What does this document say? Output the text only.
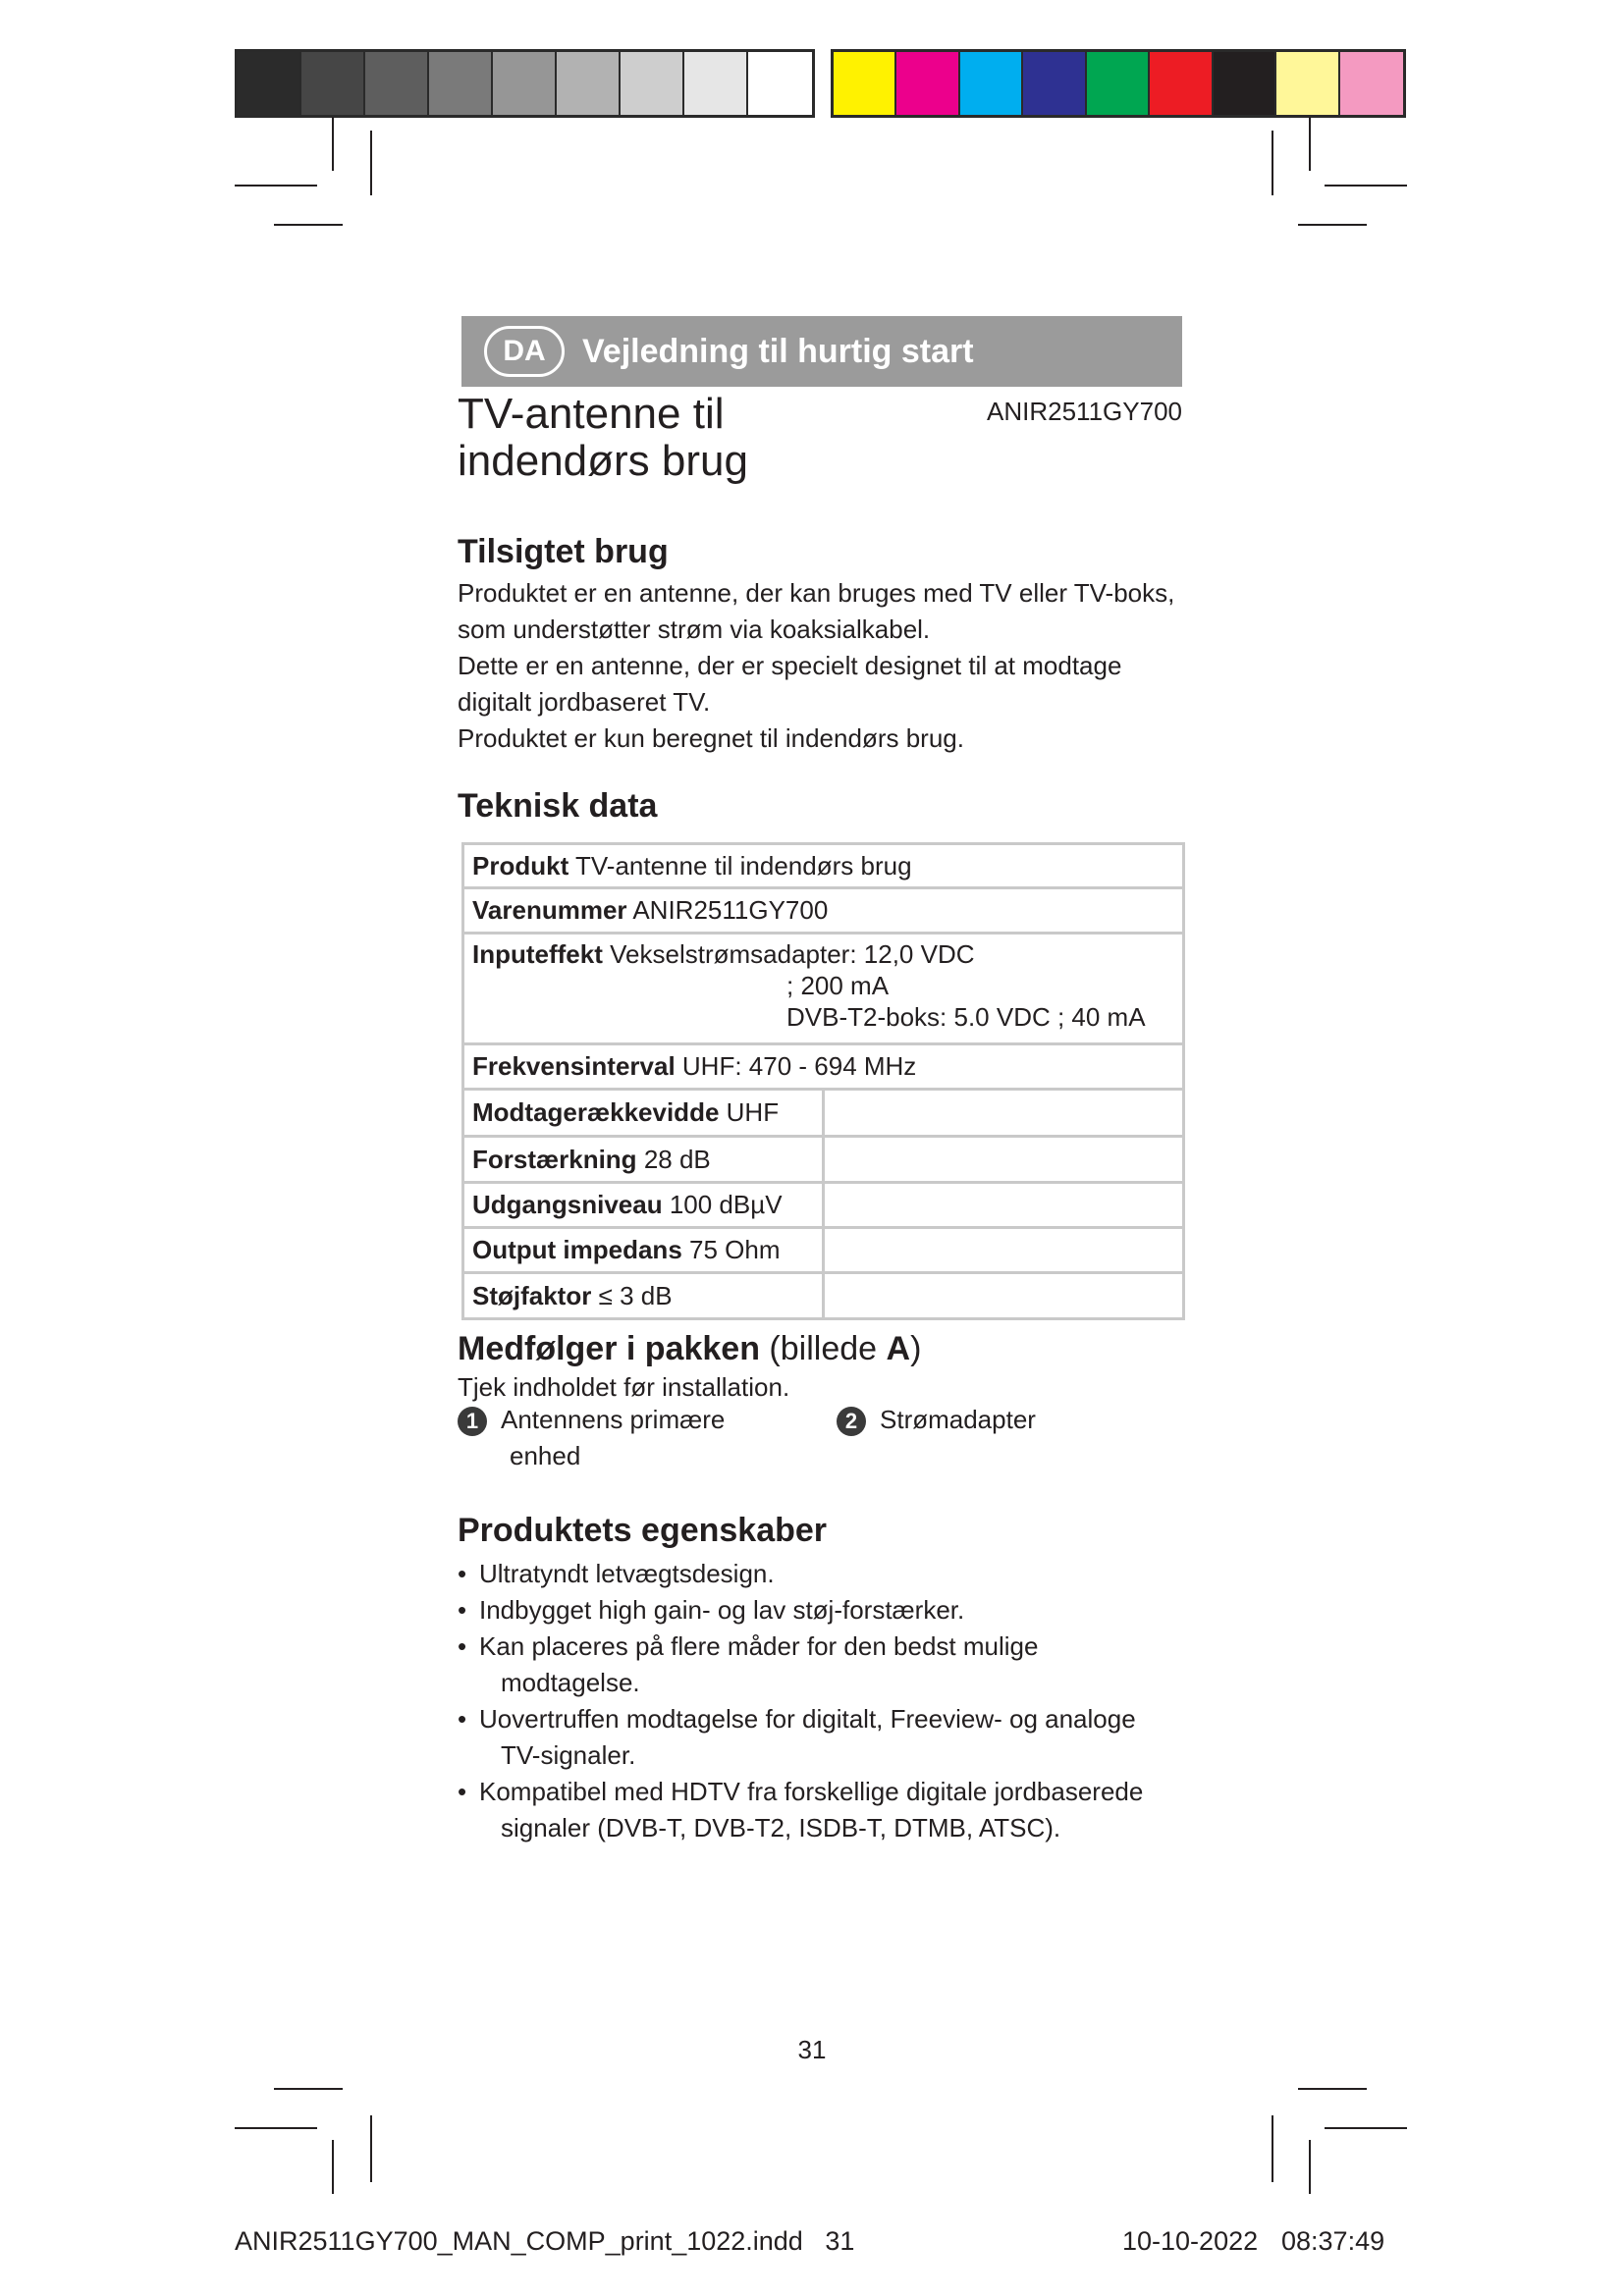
DA	Vejledning til hurtig start
TV-antenne til
indendørs brug
ANIR2511GY700
Tilsigtet brug

Produktet er en antenne, der kan bruges med TV eller TV-boks,

som understøtter strøm via koaksialkabel.

Dette er en antenne, der er specielt designet til at modtage

digitalt jordbaseret TV.

Produktet er kun beregnet til indendørs brug.

Teknisk data
Produkt TV-antenne til indendørs brug	
Varenummer ANIR2511GY700	
Inputeffekt Vekselstrømsadapter: 12,0 VDC
; 200 mA
DVB-T2-boks: 5.0 VDC ; 40 mA	
Frekvensinterval UHF: 470 - 694 MHz	
Modtagerækkevidde UHF	
Forstærkning 28 dB	
Udgangsniveau 100 dBµV	
Output impedans 75 Ohm	
Støjfaktor ≤ 3 dB	
Medfølger i pakken (billede A)
Tjek indholdet før installation.
1 Antennens primære
enhed
2 Strømadapter
Produktets egenskaber
• Ultratyndt letvægtsdesign.
• Indbygget high gain- og lav støj-forstærker.
• Kan placeres på flere måder for den bedst mulige
modtagelse.
• Uovertruffen modtagelse for digitalt, Freeview- og analoge
TV-signaler.
• Kompatibel med HDTV fra forskellige digitale jordbaserede
signaler (DVB-T, DVB-T2, ISDB-T, DTMB, ATSC).
31
ANIR2511GY700_MAN_COMP_print_1022.indd   31	10-10-2022 08:37:49
